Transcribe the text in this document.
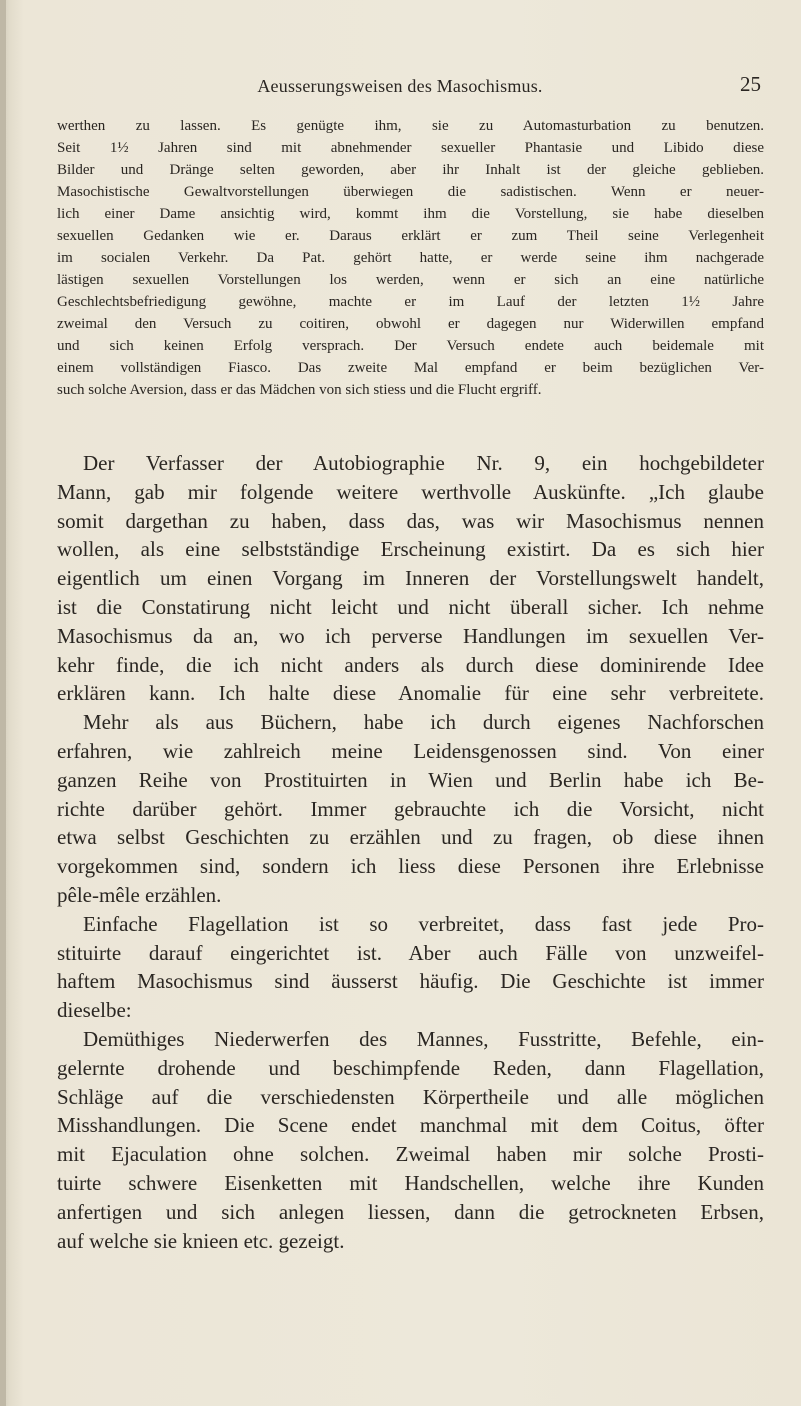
Aeusserungsweisen des Masochismus.	25
werthen zu lassen. Es genügte ihm, sie zu Automasturbation zu benutzen.
Seit 1½ Jahren sind mit abnehmender sexueller Phantasie und Libido diese
Bilder und Dränge selten geworden, aber ihr Inhalt ist der gleiche geblieben.
Masochistische Gewaltvorstellungen überwiegen die sadistischen. Wenn er neuer-
lich einer Dame ansichtig wird, kommt ihm die Vorstellung, sie habe dieselben
sexuellen Gedanken wie er. Daraus erklärt er zum Theil seine Verlegenheit
im socialen Verkehr. Da Pat. gehört hatte, er werde seine ihm nachgerade
lästigen sexuellen Vorstellungen los werden, wenn er sich an eine natürliche
Geschlechtsbefriedigung gewöhne, machte er im Lauf der letzten 1½ Jahre
zweimal den Versuch zu coitiren, obwohl er dagegen nur Widerwillen empfand
und sich keinen Erfolg versprach. Der Versuch endete auch beidemale mit
einem vollständigen Fiasco. Das zweite Mal empfand er beim bezüglichen Ver-
such solche Aversion, dass er das Mädchen von sich stiess und die Flucht ergriff.
Der Verfasser der Autobiographie Nr. 9, ein hochgebildeter
Mann, gab mir folgende weitere werthvolle Auskünfte. „Ich glaube
somit dargethan zu haben, dass das, was wir Masochismus nennen
wollen, als eine selbstständige Erscheinung existirt. Da es sich hier
eigentlich um einen Vorgang im Inneren der Vorstellungswelt handelt,
ist die Constatirung nicht leicht und nicht überall sicher. Ich nehme
Masochismus da an, wo ich perverse Handlungen im sexuellen Ver-
kehr finde, die ich nicht anders als durch diese dominirende Idee
erklären kann. Ich halte diese Anomalie für eine sehr verbreitete.
Mehr als aus Büchern, habe ich durch eigenes Nachforschen
erfahren, wie zahlreich meine Leidensgenossen sind. Von einer
ganzen Reihe von Prostituirten in Wien und Berlin habe ich Be-
richte darüber gehört. Immer gebrauchte ich die Vorsicht, nicht
etwa selbst Geschichten zu erzählen und zu fragen, ob diese ihnen
vorgekommen sind, sondern ich liess diese Personen ihre Erlebnisse
pêle-mêle erzählen.
Einfache Flagellation ist so verbreitet, dass fast jede Pro-
stituirte darauf eingerichtet ist. Aber auch Fälle von unzweifel-
haftem Masochismus sind äusserst häufig. Die Geschichte ist immer
dieselbe:
Demüthiges Niederwerfen des Mannes, Fusstritte, Befehle, ein-
gelernte drohende und beschimpfende Reden, dann Flagellation,
Schläge auf die verschiedensten Körpertheile und alle möglichen
Misshandlungen. Die Scene endet manchmal mit dem Coitus, öfter
mit Ejaculation ohne solchen. Zweimal haben mir solche Prosti-
tuirte schwere Eisenketten mit Handschellen, welche ihre Kunden
anfertigen und sich anlegen liessen, dann die getrockneten Erbsen,
auf welche sie knieen etc. gezeigt.
